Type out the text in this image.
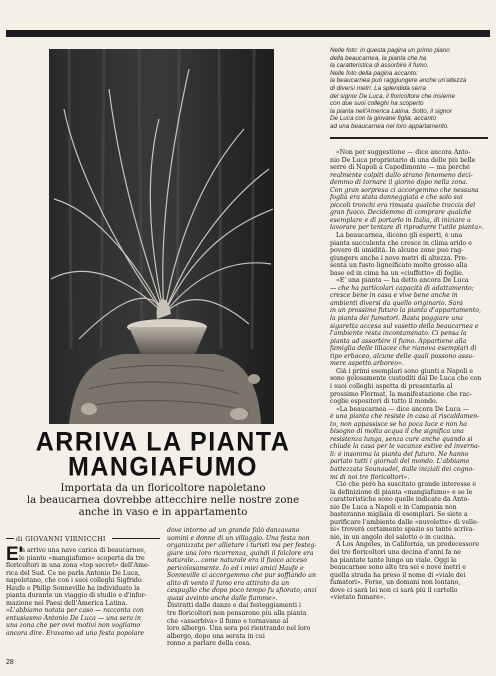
Nelle foto: in questa pagina un primo piano
della beaucarnea, la pianta che ha
la caratteristica di assorbire il fumo.
Nelle foto della pagina accanto:
la beaucarnea può raggiungere anche un'altezza
di diversi metri. La splendida serra
del signor De Luca, il floricoltore che insieme
con due suoi colleghi ha scoperto
la pianta nell'America Latina. Sotto, il signor
De Luca con la giovane figlia, accanto
ad una beaucarnea nel loro appartamento.
«Non per suggestione — dice ancora Anto-
nio De Luca proprietario di una delle più belle
serre di Napoli a Capodimonte — ma perché
realmente colpiti dallo strano fenomeno deci-
demmo di tornare il giorno dopo nella zona.
Con gran sorpresa ci accorgemmo che nessuna
foglia era stata danneggiata e che solo sui
piccoli tronchi era rimasta qualche traccia del
gran fuoco. Decidemmo di comprare qualche
esemplare e di portarlo in Italia, di iniziare a
lavorare per tentare di riprodurre l'utile pianta».
La beaucarnea, dicono gli esperti, è una
pianta succulenta che cresce in clima arido e
povero di umidità. In alcune zone può rag-
giungere anche i nove metri di altezza. Pre-
senta un fusto ligneificato molto grosso alla
base ed in cima ha un «ciuffetto» di foglie.
«E' una pianta — ha detto ancora De Luca
— che ha particolari capacità di adattamento;
cresce bene in casa e vive bene anche in
ambienti diversi da quello originario. Sarà
in un prossimo futuro la pianta d'appartamento,
la pianta dei fumatori. Basta poggiare una
sigaretta accesa sul vasetto della beaucarnea e
l'ambiente resta incontaminato. Ci pensa la
pianta ad assorbire il fumo. Appartiene alla
famiglia delle liliacee che rianova esemplari di
tipo erbaceo, alcune delle quali possono assu-
mere aspetto arboreo».
Già i primi esemplari sono giunti a Napoli e
sono gelosamente custoditi dal De Luca che con
i suoi colleghi aspetta di presentarla al
prossimo Flormat, la manifestazione che rac-
coglie espositori di tutto il mondo.
«La beaucarnea — dice ancora De Luca —
è una pianta che resiste in casa al riscaldamen-
to, non appassisce se ha poca luce e non ha
bisogno di molta acqua il che significa una
resistenza lunga, senza cure anche quando si
chiude la casa per le vacanze estive ed inverna-
li: è insomma la pianta del futuro. Ne hanno
parlato tutti i giornali del mondo. L'abbiamo
battezzata Sounaudel, dalle iniziali dei cogno-
mi di noi tre floricoltori».
Ciò che però ha suscitato grande interesse è
la definizione di pianta «mangiafumo» e se le
caratteristiche sono quelle indicate da Anto-
nio De Luca a Napoli e in Campania non
basteranno migliaia di esemplari. Se siete a
purificare l'ambiente dalle «nuvolette» di velle-
ni» troverà certamente spazio su tante scriva-
nie, in un angolo del salotto o in cucina.
A Los Angeles, in California, un predecessore
dei tre floricoltori una decina d'anni fa ne
ha piantate tante lungo un viale. Oggi le
beaucarnee sono alte tra sei e nove metri e
quella strada ha preso il nome di «viale dei
fumatori». Forse, un domani non lontano,
dove ci sarà lei non ci sarà più il cartello
«vietato fumare».
ARRIVA LA PIANTA
MANGIAFUMO
Importata da un floricoltore napoletano
la beaucarnea dovrebbe attecchire nelle nostre zone
anche in vaso e in appartamento
di GIOVANNI VIRNICCHI
E'
in arrivo una nave carica di beaucarnee,
le piante «mangiafumo» scoperta da tre
floricoltori in una zona «top secret» dell'Ame-
rica del Sud. Ce ne parla Antonio De Luca,
napoletano, che con i suoi colleghi Sigfrido
Haufe e Philip Sonneville ha individuato la
pianta durante un viaggio di studio e d'infor-
mazione nei Paesi dell'America Latina.
«L'abbiamo notata per caso — racconta con
entusiasmo Antonio De Luca — una sera in
una zona che per ovvi motivi non vogliamo
ancora dire. Eravamo ad una festa popolare
dove intorno ad un grande falò danzavano
uomini e donne di un villaggio. Una festa non
organizzata per allietare i turisti ma per festeg-
giare una loro ricorrenza, quindi il folclore era
naturale... come naturale era il fuoco acceso
pericolosamente. Io ed i miei amici Haufe e
Sonneville ci accorgemmo che pur soffiando un
alito di vento il fumo era attirato da un
cespuglio che dopo poco tempo fu sfiorato, anzi
quasi avvinto anche dalle fiamme».
Distratti dalle danze e dai festeggiamenti i
tre floricoltori non pensarono più alla pianta
che «assorbiva» il fumo e tornavano al
loro albergo. Una sera poi rientrando nel loro
albergo, dopo una serata in cui
ronno a parlare della cosa.
28
